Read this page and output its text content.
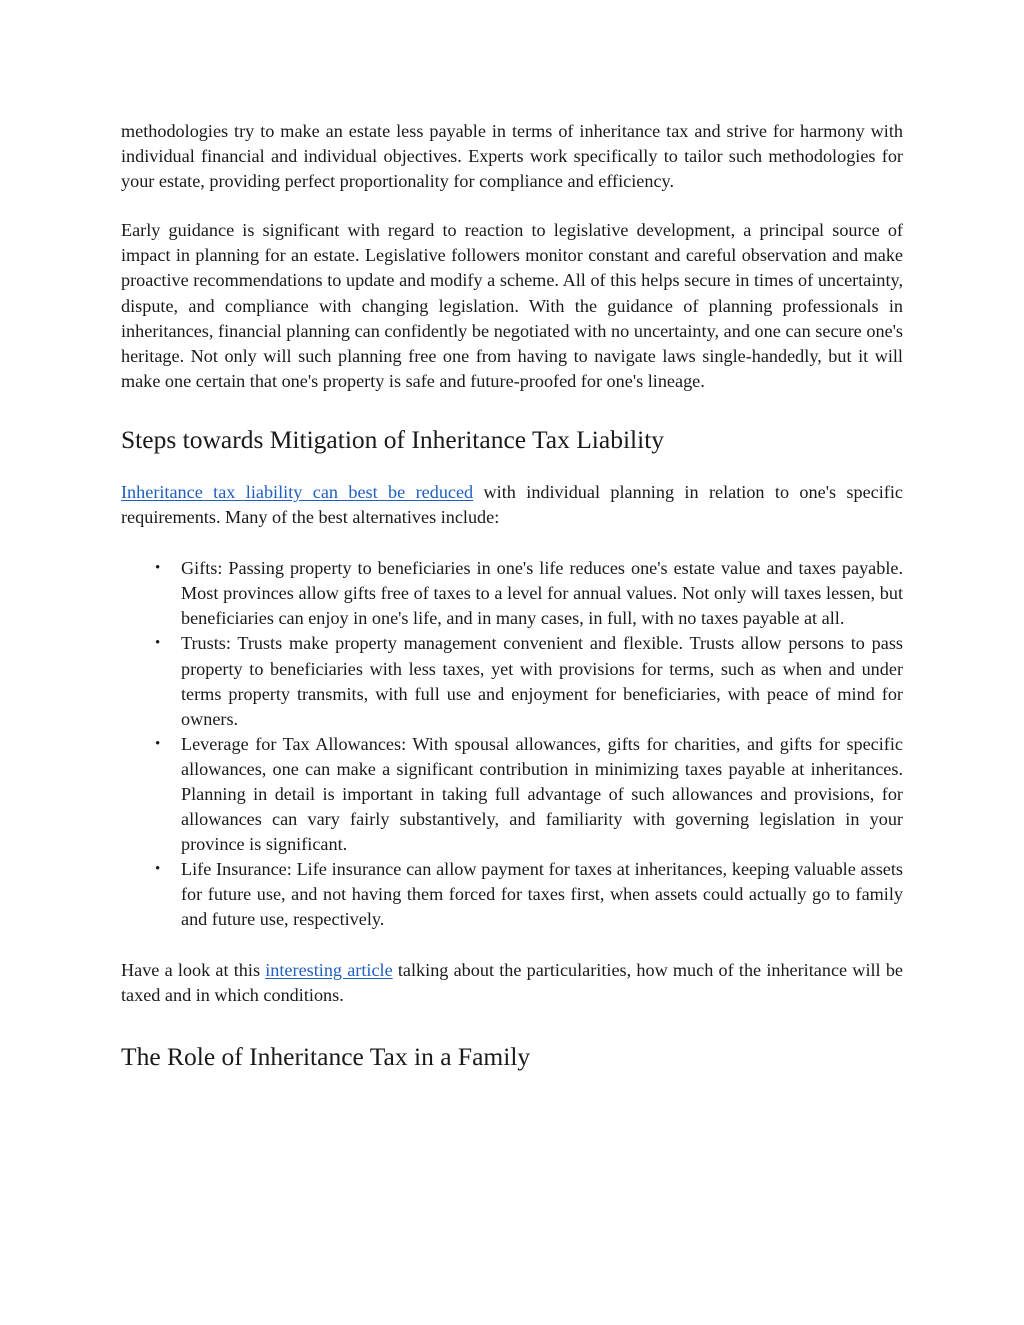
methodologies try to make an estate less payable in terms of inheritance tax and strive for harmony with individual financial and individual objectives. Experts work specifically to tailor such methodologies for your estate, providing perfect proportionality for compliance and efficiency.

Early guidance is significant with regard to reaction to legislative development, a principal source of impact in planning for an estate. Legislative followers monitor constant and careful observation and make proactive recommendations to update and modify a scheme. All of this helps secure in times of uncertainty, dispute, and compliance with changing legislation. With the guidance of planning professionals in inheritances, financial planning can confidently be negotiated with no uncertainty, and one can secure one's heritage. Not only will such planning free one from having to navigate laws single-handedly, but it will make one certain that one's property is safe and future-proofed for one's lineage.

Steps towards Mitigation of Inheritance Tax Liability

Inheritance tax liability can best be reduced with individual planning in relation to one's specific requirements. Many of the best alternatives include:

• Gifts: Passing property to beneficiaries in one's life reduces one's estate value and taxes payable. Most provinces allow gifts free of taxes to a level for annual values. Not only will taxes lessen, but beneficiaries can enjoy in one's life, and in many cases, in full, with no taxes payable at all.
• Trusts: Trusts make property management convenient and flexible. Trusts allow persons to pass property to beneficiaries with less taxes, yet with provisions for terms, such as when and under terms property transmits, with full use and enjoyment for beneficiaries, with peace of mind for owners.
• Leverage for Tax Allowances: With spousal allowances, gifts for charities, and gifts for specific allowances, one can make a significant contribution in minimizing taxes payable at inheritances. Planning in detail is important in taking full advantage of such allowances and provisions, for allowances can vary fairly substantively, and familiarity with governing legislation in your province is significant.
• Life Insurance: Life insurance can allow payment for taxes at inheritances, keeping valuable assets for future use, and not having them forced for taxes first, when assets could actually go to family and future use, respectively.

Have a look at this interesting article talking about the particularities, how much of the inheritance will be taxed and in which conditions.

The Role of Inheritance Tax in a Family
